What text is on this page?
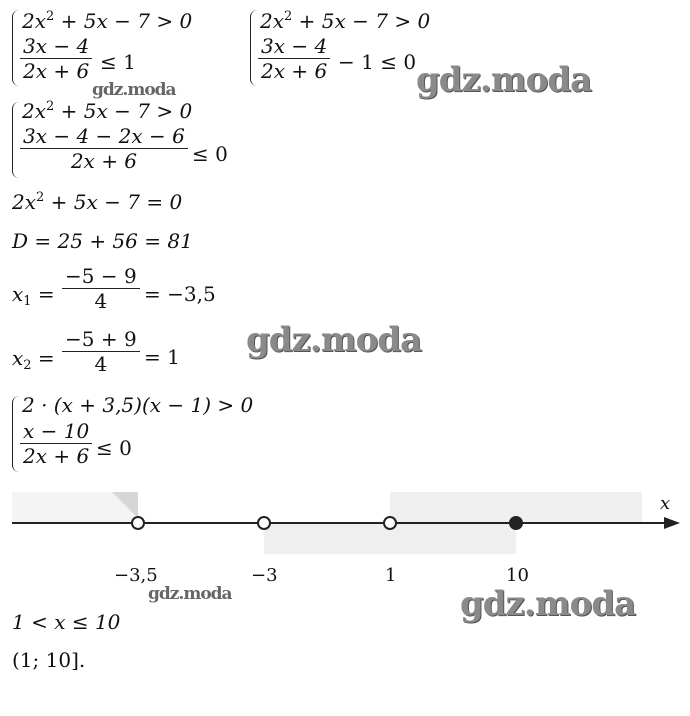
$2x^2 + 5x - 7 > 0$
$\frac{3x - 4}{2x + 6} \le 1$
$2x^2 + 5x - 7 > 0$
$\frac{3x - 4}{2x + 6} - 1 \le 0$
$2x^2 + 5x - 7 > 0$
$\frac{3x - 4 - 2x - 6}{2x + 6} \le 0$
$2x^2 + 5x - 7 = 0$
D = 25 + 56 = 81
$x_1 = \frac{-5 - 9}{4} = -3,5$
$x_2 = \frac{-5 + 9}{4} = 1$
2 · (x + 3,5)(x − 1) > 0
$\frac{x - 10}{2x + 6} \le 0$
x
−3,5	−3	1	10
1 < x ≤ 10
(1; 10].
gdz.moda	gdz.moda
gdz.moda
gdz.moda	gdz.moda
